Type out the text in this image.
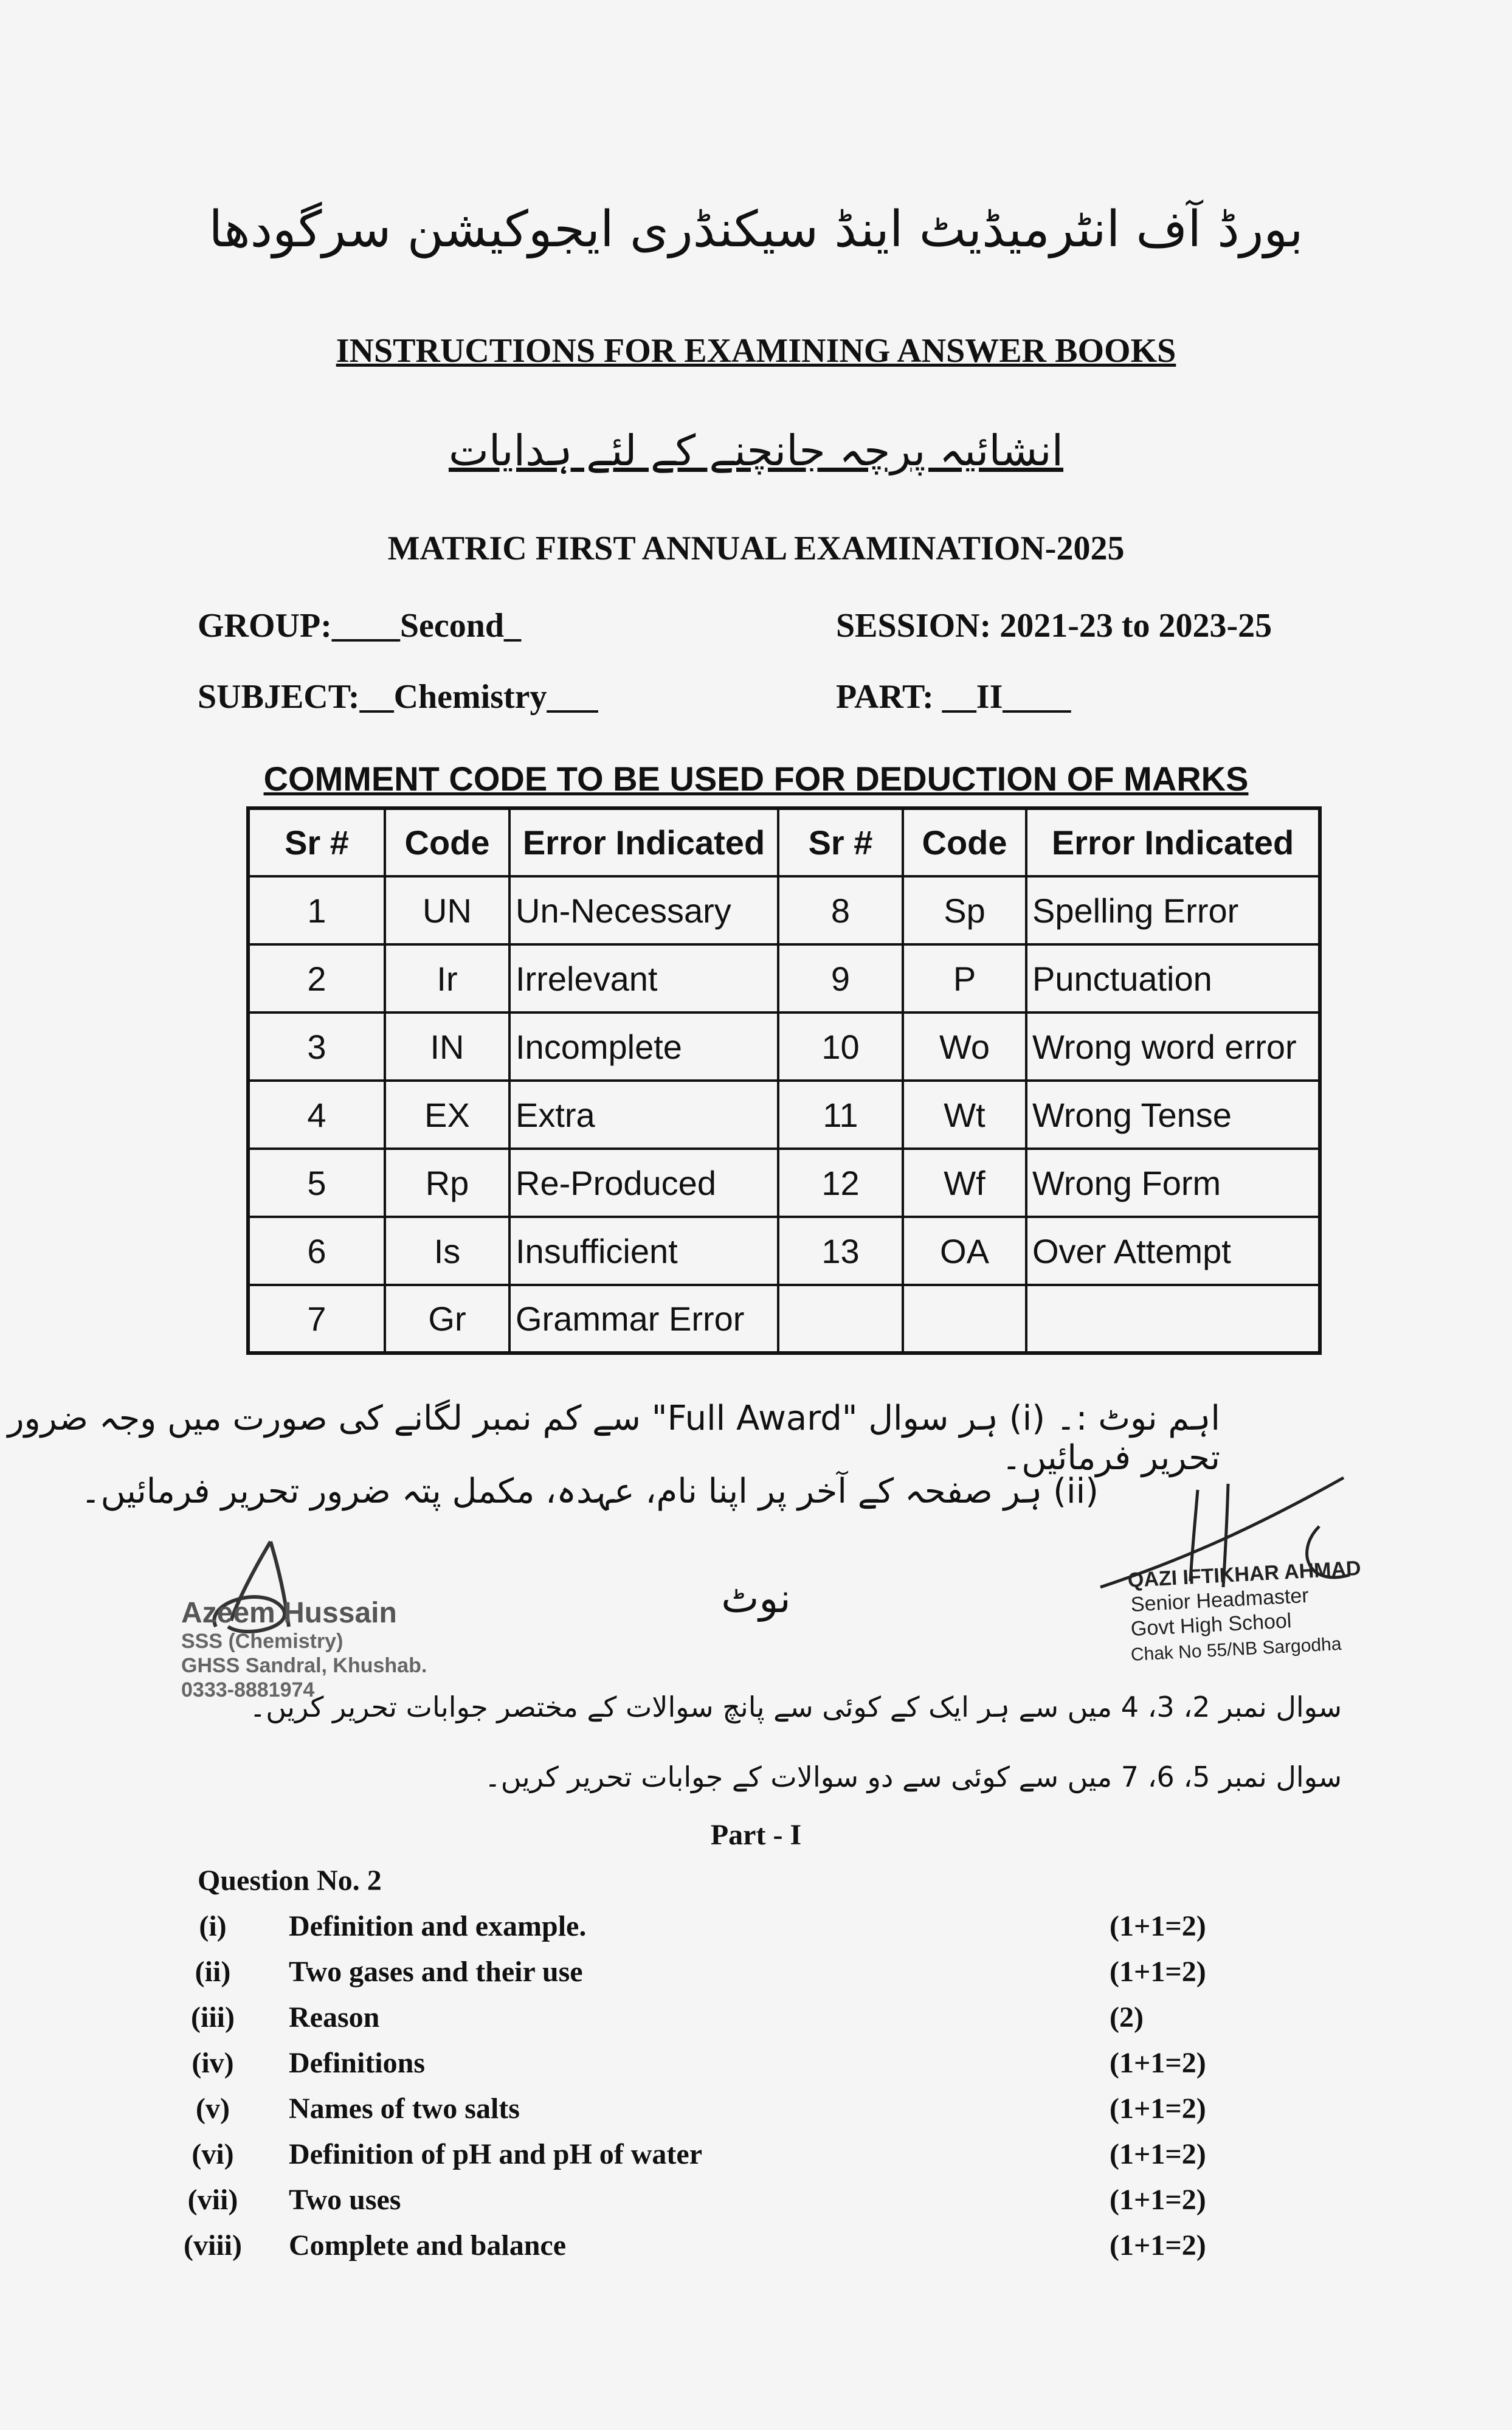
بورڈ آف انٹرمیڈیٹ اینڈ سیکنڈری ایجوکیشن سرگودھا
INSTRUCTIONS FOR EXAMINING ANSWER BOOKS
انشائیہ پرچہ جانچنے کے لئے ہدایات
MATRIC FIRST ANNUAL EXAMINATION-2025
GROUP:____Second_	SESSION: 2021-23 to 2023-25
SUBJECT:__Chemistry___	PART: __II____
COMMENT CODE TO BE USED FOR DEDUCTION OF MARKS
Sr #	Code	Error Indicated	Sr #	Code	Error Indicated
1	UN	Un-Necessary	8	Sp	Spelling Error
2	Ir	Irrelevant	9	P	Punctuation
3	IN	Incomplete	10	Wo	Wrong word error
4	EX	Extra	11	Wt	Wrong Tense
5	Rp	Re-Produced	12	Wf	Wrong Form
6	Is	Insufficient	13	OA	Over Attempt
7	Gr	Grammar Error			
اہم نوٹ :۔ (i) ہر سوال "Full Award" سے کم نمبر لگانے کی صورت میں وجہ ضرور تحریر فرمائیں۔
(ii) ہر صفحہ کے آخر پر اپنا نام، عہدہ، مکمل پتہ ضرور تحریر فرمائیں۔
Azeem Hussain
SSS (Chemistry)
GHSS Sandral, Khushab.
0333-8881974
QAZI IFTIKHAR AHMAD
Senior Headmaster
Govt High School
Chak No 55/NB Sargodha
نوٹ
سوال نمبر 2، 3، 4 میں سے ہر ایک کے کوئی سے پانچ سوالات کے مختصر جوابات تحریر کریں۔
سوال نمبر 5، 6، 7 میں سے کوئی سے دو سوالات کے جوابات تحریر کریں۔
Part - I
Question No. 2
(i)	Definition and example.	(1+1=2)
(ii)	Two gases and their use	(1+1=2)
(iii) Reason	(2)
(iv)	Definitions	(1+1=2)
(v)	Names of two salts	(1+1=2)
(vi)	Definition of pH and pH of water	(1+1=2)
(vii) Two uses	(1+1=2)
(viii) Complete and balance	(1+1=2)
